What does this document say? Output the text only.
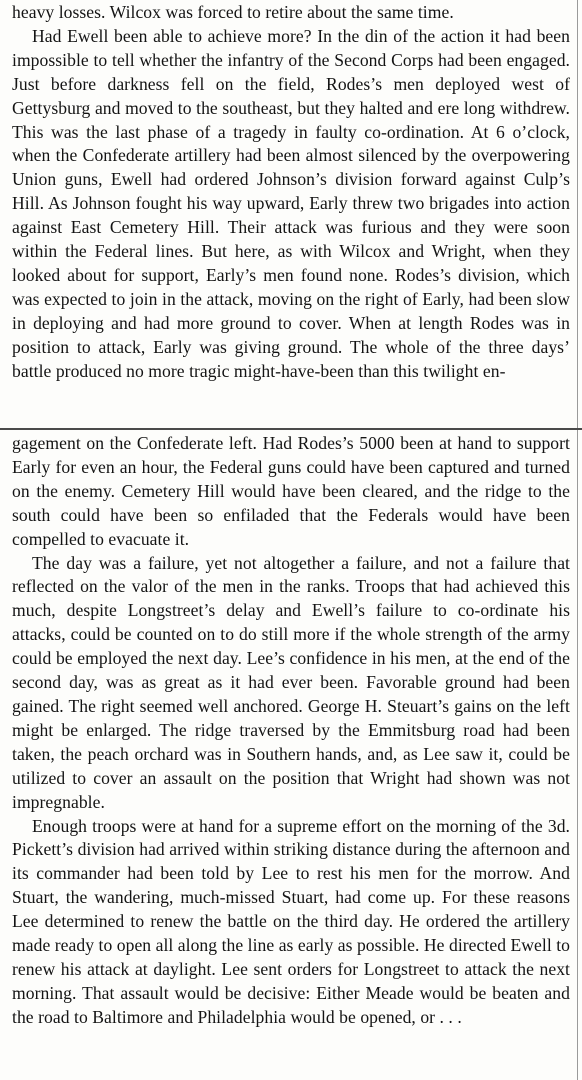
heavy losses. Wilcox was forced to retire about the same time.

Had Ewell been able to achieve more? In the din of the action it had been impossible to tell whether the infantry of the Second Corps had been engaged. Just before darkness fell on the field, Rodes’s men deployed west of Gettysburg and moved to the southeast, but they halted and ere long withdrew. This was the last phase of a tragedy in faulty co-ordination. At 6 o’clock, when the Confederate artillery had been almost silenced by the overpowering Union guns, Ewell had ordered Johnson’s division forward against Culp’s Hill. As Johnson fought his way upward, Early threw two brigades into action against East Cemetery Hill. Their attack was furious and they were soon within the Federal lines. But here, as with Wilcox and Wright, when they looked about for support, Early’s men found none. Rodes’s division, which was expected to join in the attack, moving on the right of Early, had been slow in deploying and had more ground to cover. When at length Rodes was in position to attack, Early was giving ground. The whole of the three days’ battle produced no more tragic might-have-been than this twilight en-

gagement on the Confederate left. Had Rodes’s 5000 been at hand to support Early for even an hour, the Federal guns could have been captured and turned on the enemy. Cemetery Hill would have been cleared, and the ridge to the south could have been so enfiladed that the Federals would have been compelled to evacuate it.

The day was a failure, yet not altogether a failure, and not a failure that reflected on the valor of the men in the ranks. Troops that had achieved this much, despite Longstreet’s delay and Ewell’s failure to co-ordinate his attacks, could be counted on to do still more if the whole strength of the army could be employed the next day. Lee’s confidence in his men, at the end of the second day, was as great as it had ever been. Favorable ground had been gained. The right seemed well anchored. George H. Steuart’s gains on the left might be enlarged. The ridge traversed by the Emmitsburg road had been taken, the peach orchard was in Southern hands, and, as Lee saw it, could be utilized to cover an assault on the position that Wright had shown was not impregnable.

Enough troops were at hand for a supreme effort on the morning of the 3d. Pickett’s division had arrived within striking distance during the afternoon and its commander had been told by Lee to rest his men for the morrow. And Stuart, the wandering, much-missed Stuart, had come up. For these reasons Lee determined to renew the battle on the third day. He ordered the artillery made ready to open all along the line as early as possible. He directed Ewell to renew his attack at daylight. Lee sent orders for Longstreet to attack the next morning. That assault would be decisive: Either Meade would be beaten and the road to Baltimore and Philadelphia would be opened, or . . .
